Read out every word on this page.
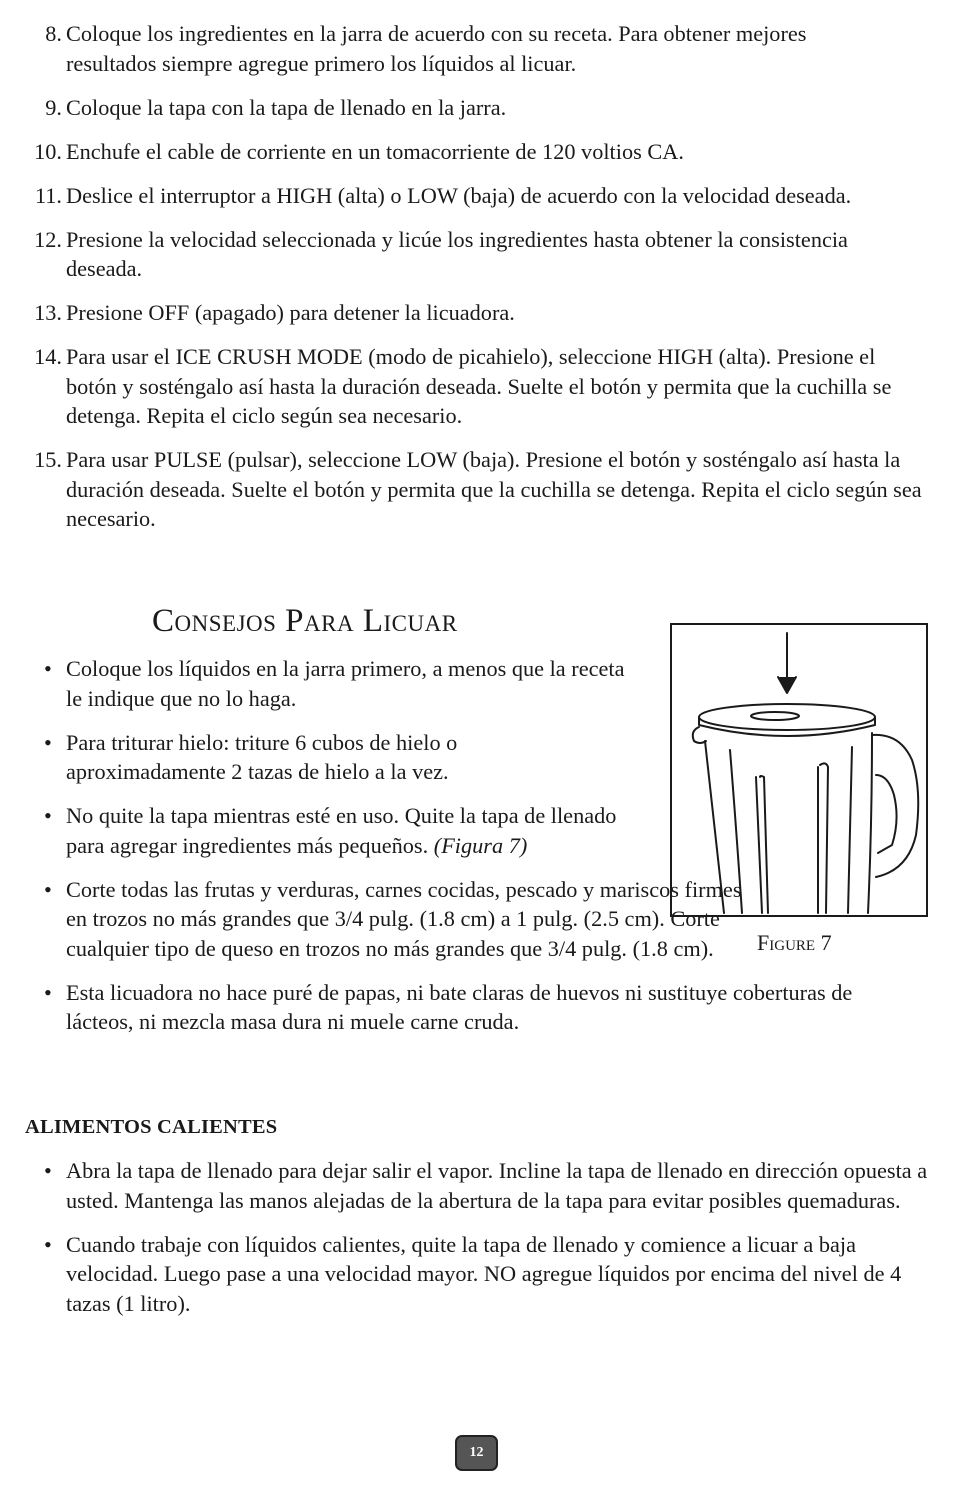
8. Coloque los ingredientes en la jarra de acuerdo con su receta. Para obtener mejores resultados siempre agregue primero los líquidos al licuar.
9. Coloque la tapa con la tapa de llenado en la jarra.
10. Enchufe el cable de corriente en un tomacorriente de 120 voltios CA.
11. Deslice el interruptor a HIGH (alta) o LOW (baja) de acuerdo con la velocidad deseada.
12. Presione la velocidad seleccionada y licúe los ingredientes hasta obtener la consistencia deseada.
13. Presione OFF (apagado) para detener la licuadora.
14. Para usar el ICE CRUSH MODE (modo de picahielo), seleccione HIGH (alta). Presione el botón y sosténgalo así hasta la duración deseada. Suelte el botón y permita que la cuchilla se detenga. Repita el ciclo según sea necesario.
15. Para usar PULSE (pulsar), seleccione LOW (baja). Presione el botón y sosténgalo así hasta la duración deseada. Suelte el botón y permita que la cuchilla se detenga. Repita el ciclo según sea necesario.
Consejos Para Licuar
• Coloque los líquidos en la jarra primero, a menos que la receta le indique que no lo haga.
• Para triturar hielo: triture 6 cubos de hielo o aproximadamente 2 tazas de hielo a la vez.
• No quite la tapa mientras esté en uso. Quite la tapa de llenado para agregar ingredientes más pequeños. (Figura 7)
• Corte todas las frutas y verduras, carnes cocidas, pescado y mariscos firmes en trozos no más grandes que 3/4 pulg. (1.8 cm) a 1 pulg. (2.5 cm). Corte cualquier tipo de queso en trozos no más grandes que 3/4 pulg. (1.8 cm).
• Esta licuadora no hace puré de papas, ni bate claras de huevos ni sustituye coberturas de lácteos, ni mezcla masa dura ni muele carne cruda.
ALIMENTOS CALIENTES
• Abra la tapa de llenado para dejar salir el vapor. Incline la tapa de llenado en dirección opuesta a usted. Mantenga las manos alejadas de la abertura de la tapa para evitar posibles quemaduras.
• Cuando trabaje con líquidos calientes, quite la tapa de llenado y comience a licuar a baja velocidad. Luego pase a una velocidad mayor. NO agregue líquidos por encima del nivel de 4 tazas (1 litro).
Figure 7
12
